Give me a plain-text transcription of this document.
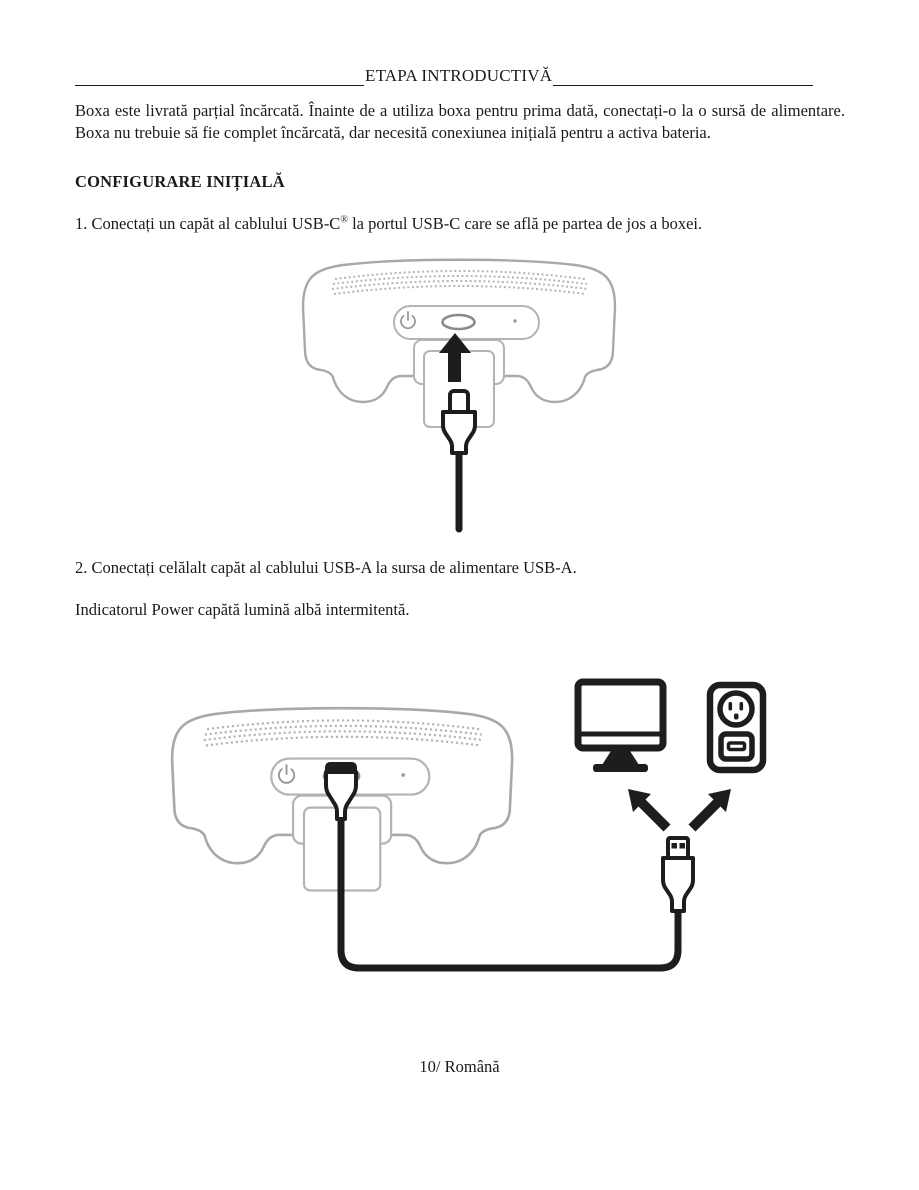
ETAPA INTRODUCTIVĂ

Boxa este livrată parțial încărcată. Înainte de a utiliza boxa pentru prima dată, conectați-o la o sursă de alimentare. Boxa nu trebuie să fie complet încărcată, dar necesită conexiunea inițială pentru a activa bateria.

CONFIGURARE INIȚIALĂ
1. Conectați un capăt al cablului USB-C® la portul USB-C care se află pe partea de jos a boxei.
2. Conectați celălalt capăt al cablului USB-A la sursa de alimentare USB-A.
Indicatorul Power capătă lumină albă intermitentă.
10/ Română
